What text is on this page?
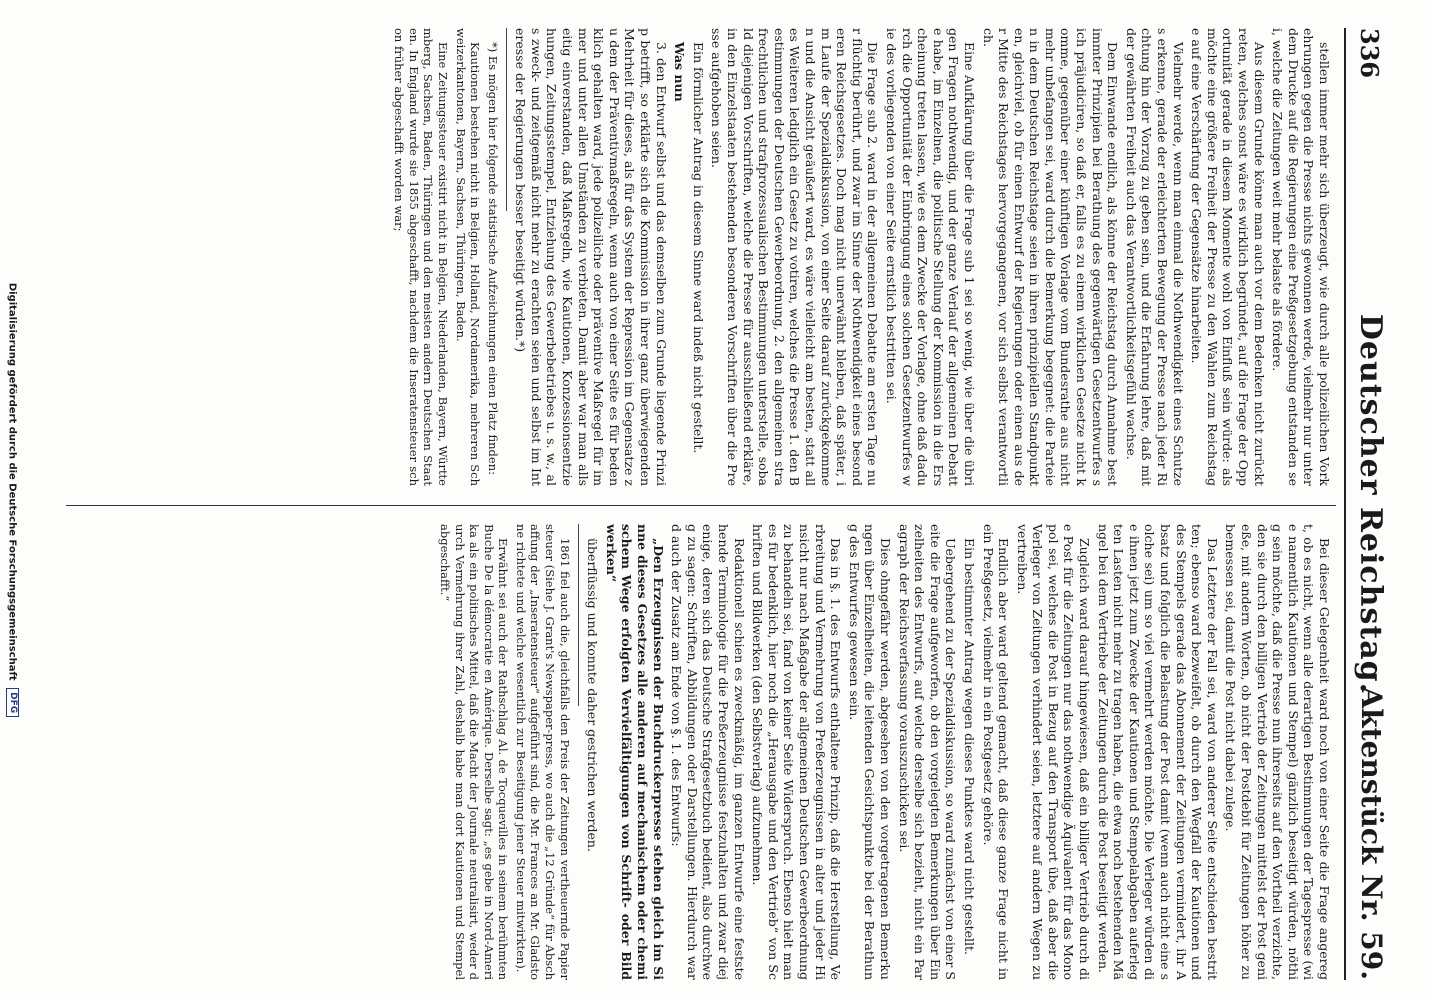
336
Deutscher Reichstag.
Aktenstück Nr. 59.

stellen immer mehr sich überzeugt, wie durch alle polizeilichen Vorkehrungen gegen die Presse nichts gewonnen werde, vielmehr nur unter dem Drucke auf die Regierungen eine Preßgesetzgebung entstanden sei, welche die Zeitungen weit mehr belaste als fördere.

Aus diesem Grunde könne man auch vor dem Bedenken nicht zurücktreten, welches sonst wäre es wirklich begründet, auf die Frage der Opportunität gerade in diesem Momente wohl von Einfluß sein würde: als möchte eine größere Freiheit der Presse zu den Wahlen zum Reichstage auf eine Verschärfung der Gegensätze hinarbeiten.

Vielmehr werde, wenn man einmal die Nothwendigkeit eines Schutzes erkenne, gerade der erleichterten Bewegung der Presse nach jeder Richtung hin der Vorzug zu geben sein, und die Erfahrung lehre, daß mit der gewährten Freiheit auch das Verantwortlichkeitsgefühl wachse.

Dem Einwande endlich, als könne der Reichstag durch Annahme bestimmter Prinzipien bei Berathung des gegenwärtigen Gesetzentwurfes sich präjudiciren, so daß er, falls es zu einem wirklichen Gesetze nicht komme, gegenüber einer künftigen Vorlage vom Bundesrathe aus nicht mehr unbefangen sei, ward durch die Bemerkung begegnet: die Parteien in dem Deutschen Reichstage seien in ihren prinzipiellen Standpunkten, gleichviel, ob für einen Entwurf der Regierungen oder einen aus der Mitte des Reichstages hervorgegangenen, vor sich selbst verantwortlich.

Eine Aufklärung über die Frage sub 1 sei so wenig, wie über die übrigen Fragen nothwendig, und der ganze Verlauf der allgemeinen Debatte habe, im Einzelnen, die politische Stellung der Kommission in die Erscheinung treten lassen, wie es dem Zwecke der Vorlage, ohne daß dadurch die Opportunität der Einbringung eines solchen Gesetzentwurfes wie des vorliegenden von einer Seite ernstlich bestritten sei.

Die Frage sub 2. ward in der allgemeinen Debatte am ersten Tage nur flüchtig berührt, und zwar im Sinne der Nothwendigkeit eines besonderen Reichsgesetzes. Doch mag nicht unerwähnt bleiben, daß später, im Laufe der Spezialdiskussion, von einer Seite darauf zurückgekommen und die Ansicht geäußert ward, es wäre vielleicht am besten, statt alles Weiteren lediglich ein Gesetz zu votiren, welches die Presse 1. den Bestimmungen der Deutschen Gewerbeordnung, 2. den allgemeinen strafrechtlichen und strafprozessualischen Bestimmungen unterstelle, sobald diejenigen Vorschriften, welche die Presse für ausschließend erkläre, in den Einzelstaaten bestehenden besonderen Vorschriften über die Presse aufgehoben seien.

Ein förmlicher Antrag in diesem Sinne ward indeß nicht gestellt.

Was nun

3. den Entwurf selbst und das demselben zum Grunde liegende Prinzip betrifft, so erklärte sich die Kommission in ihrer ganz überwiegenden Mehrheit für dieses, als für das System der Repression im Gegensatze zu dem der Präventivmaßregeln, wenn auch von einer Seite es für bedenklich gehalten ward, jede polizeiliche oder präventive Maßregel für immer und unter allen Umständen zu verbieten. Damit aber war man allseitig einverstanden, daß Maßregeln, wie Kautionen, Konzessionsentziehungen, Zeitungsstempel, Entziehung des Gewerbebetriebes u. s. w., als zweck- und zeitgemäß nicht mehr zu erachten seien und selbst im Interesse der Regierungen besser beseitigt würden.*)

*) Es mögen hier folgende statistische Aufzeichnungen einen Platz finden:

Kautionen bestehen nicht in Belgien, Holland, Nordamerika, mehreren Schweizerkantonen, Bayern, Sachsen, Thüringen, Baden.

Eine Zeitungssteuer existirt nicht in Belgien, Niederlanden, Bayern, Württemberg, Sachsen, Baden, Thüringen und den meisten andern Deutschen Staaten. In England wurde sie 1855 abgeschafft, nachdem die Inseratensteuer schon früher abgeschafft worden war;

Bei dieser Gelegenheit ward noch von einer Seite die Frage angeregt, ob es nicht, wenn alle derartigen Bestimmungen der Tagespresse (wie namentlich Kautionen und Stempel) gänzlich beseitigt würden, nöthig sein möchte, daß die Presse nun ihrerseits auf den Vortheil verzichte, den sie durch den billigen Vertrieb der Zeitungen mittelst der Post genieße, mit andern Worten, ob nicht der Postdebit für Zeitungen höher zu bemessen sei, damit die Post nicht dabei zulege.

Das Letztere der Fall sei, ward von anderer Seite entschieden bestritten; ebenso ward bezweifelt, ob durch den Wegfall der Kautionen und des Stempels gerade das Abonnement der Zeitungen vermindert, ihr Absatz und folglich die Belastung der Post damit (wenn auch nicht eine solche sei) um so viel vermehrt werden möchte. Die Verleger würden die ihnen jetzt zum Zwecke der Kautionen und Stempelabgaben auferlegten Lasten nicht mehr zu tragen haben, die etwa noch bestehenden Mängel bei dem Vertriebe der Zeitungen durch die Post beseitigt werden.

Zugleich ward darauf hingewiesen, daß ein billiger Vertrieb durch die Post für die Zeitungen nur das nothwendige Äquivalent für das Monopol sei, welches die Post in Bezug auf den Transport übe, daß aber die Verleger von Zeitungen verhindert seien, letztere auf andern Wegen zu vertreiben.

Endlich aber ward geltend gemacht, daß diese ganze Frage nicht in ein Preßgesetz, vielmehr in ein Postgesetz gehöre.

Ein bestimmter Antrag wegen dieses Punktes ward nicht gestellt.

Uebergehend zu der Spezialdiskussion, so ward zunächst von einer Seite die Frage aufgeworfen, ob den vorgelegten Bemerkungen über Einzelheiten des Entwurfs, auf welche derselbe sich bezieht, nicht ein Paragraph der Reichsverfassung vorauszuschicken sei.

Dies ohngefähr werden, abgesehen von den vorgetragenen Bemerkungen über Einzelheiten, die leitenden Gesichtspunkte bei der Berathung des Entwurfes gewesen sein.

Das in §. 1. des Entwurfs enthaltene Prinzip, daß die Herstellung, Verbreitung und Vermehrung von Preßerzeugnissen in alter und jeder Hinsicht nur nach Maßgabe der allgemeinen Deutschen Gewerbeordnung zu behandeln sei, fand von keiner Seite Widerspruch. Ebenso hielt man es für bedenklich, hier noch die „Herausgabe und den Vertrieb“ von Schriften und Bildwerken (den Selbstverlag) aufzunehmen.

Redaktionell schien es zweckmäßig, im ganzen Entwurfe eine feststehende Terminologie für die Preßerzeugnisse festzuhalten und zwar diejenige, deren sich das Deutsche Strafgesetzbuch bedient, also durchweg zu sagen: Schriften, Abbildungen oder Darstellungen. Hierdurch ward auch der Zusatz am Ende von §. 1. des Entwurfs:

„Den Erzeugnissen der Buchdruckerpresse stehen gleich im Sinne dieses Gesetzes alle anderen auf mechanischem oder chemischem Wege erfolgten Vervielfältigungen von Schrift- oder Bildwerken“

überflüssig und konnte daher gestrichen werden.

1861 fiel auch die, gleichfalls den Preis der Zeitungen vertheuernde Papiersteuer (Siehe J. Grant's Newspaper-press, wo auch die „12 Gründe“ für Abschaffung der „Inseratensteuer“ aufgeführt sind, die Mr. Frances an Mr. Gladstone richtete und welche wesentlich zur Beseitigung jener Steuer mitwirkten).

Erwähnt sei auch der Rathschlag Al. de Tocquevilles in seinem berühmten Buche De la démocratie en Amérique. Derselbe sagt: „es gebe in Nord-Amerika als ein politisches Mittel, daß die Macht der Journale neutralisirt, weder durch Vermehrung ihrer Zahl, deshalb habe man dort Kautionen und Stempel abgeschafft.“

Digitalisierung gefördert durch die Deutsche Forschungsgemeinschaft DFG
